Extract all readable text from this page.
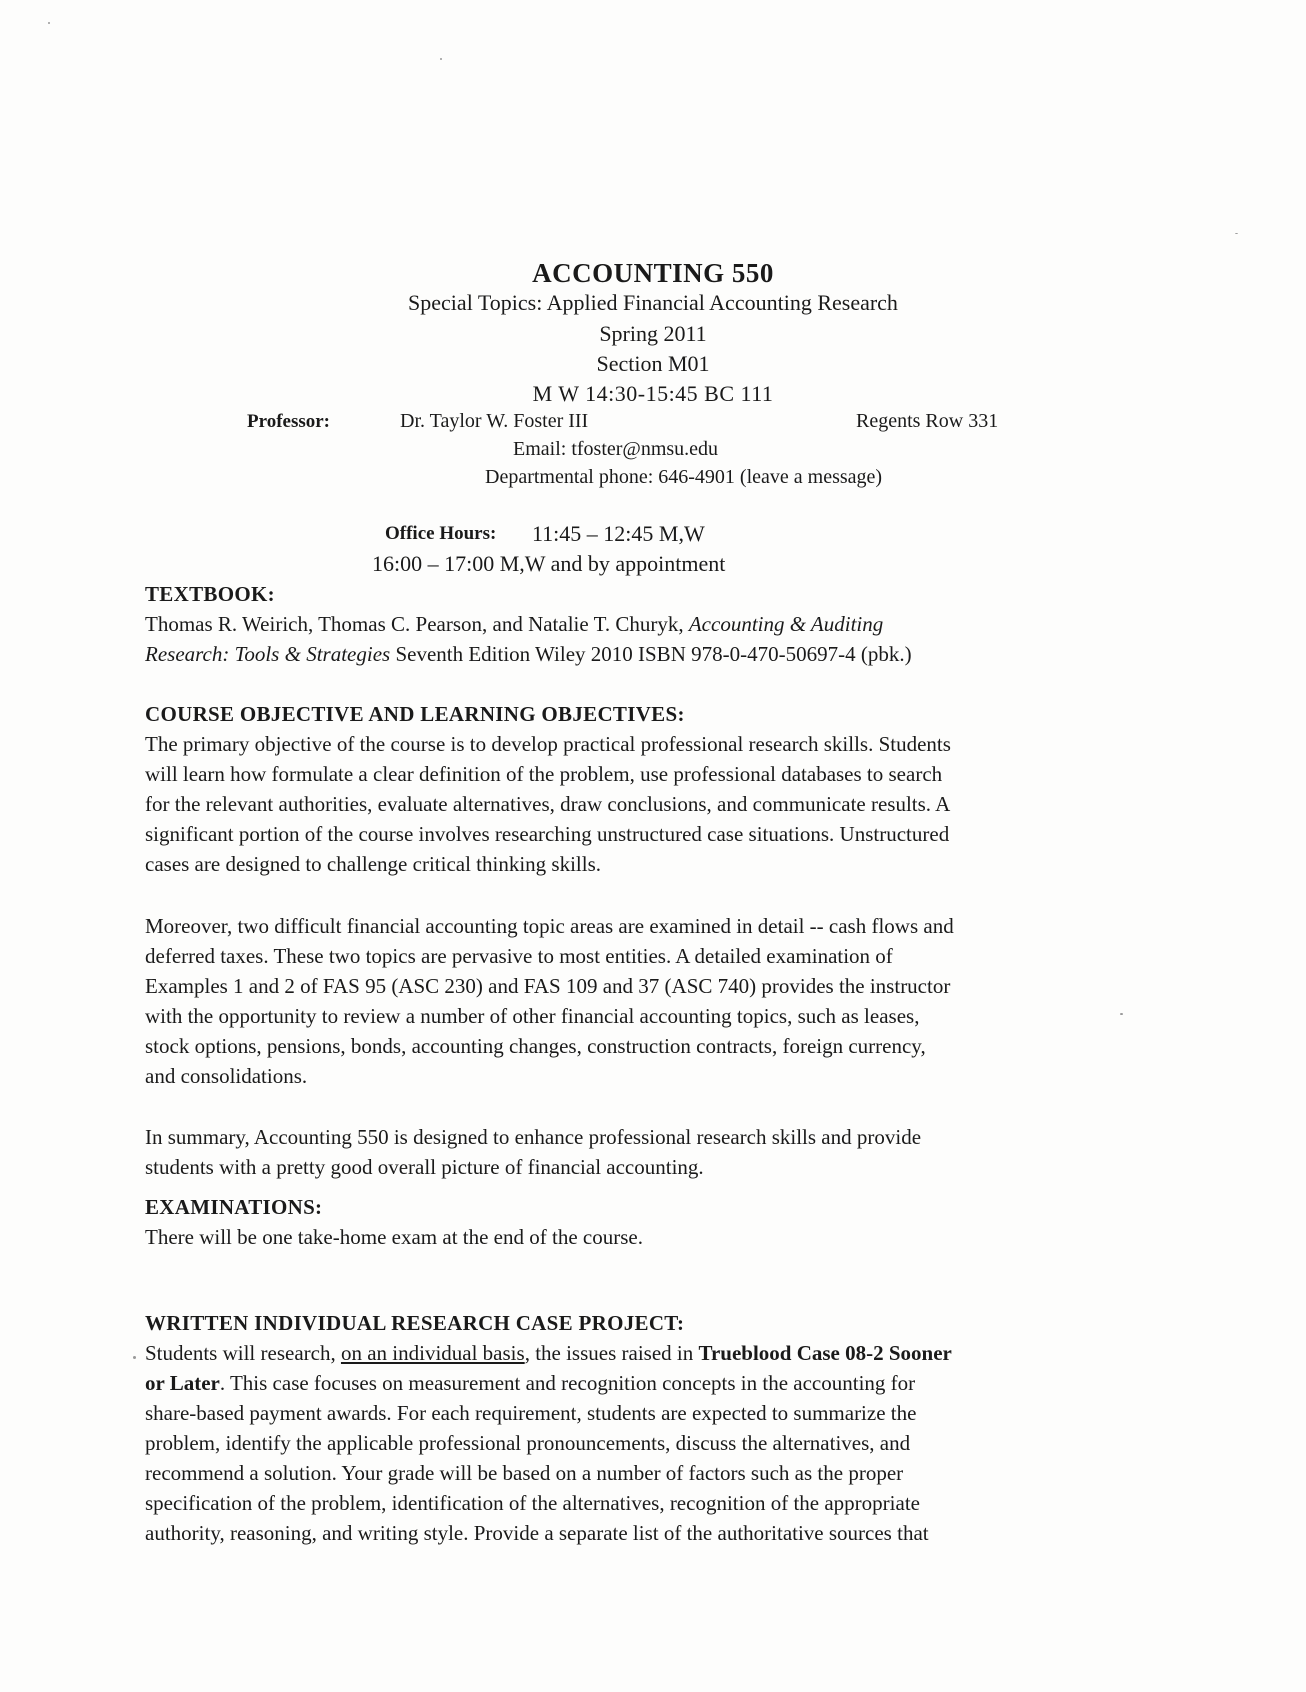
ACCOUNTING 550
Special Topics: Applied Financial Accounting Research
Spring 2011
Section M01
M W 14:30-15:45 BC 111
Professor:	Dr. Taylor W. Foster III	Regents Row 331
Email: tfoster@nmsu.edu
Departmental phone: 646-4901 (leave a message)
Office Hours: 11:45 – 12:45 M,W
16:00 – 17:00 M,W and by appointment
TEXTBOOK:
Thomas R. Weirich, Thomas C. Pearson, and Natalie T. Churyk, Accounting & Auditing
Research: Tools & Strategies Seventh Edition Wiley 2010 ISBN 978-0-470-50697-4 (pbk.)
COURSE OBJECTIVE AND LEARNING OBJECTIVES:
The primary objective of the course is to develop practical professional research skills. Students
will learn how formulate a clear definition of the problem, use professional databases to search
for the relevant authorities, evaluate alternatives, draw conclusions, and communicate results. A
significant portion of the course involves researching unstructured case situations. Unstructured
cases are designed to challenge critical thinking skills.
Moreover, two difficult financial accounting topic areas are examined in detail -- cash flows and
deferred taxes. These two topics are pervasive to most entities. A detailed examination of
Examples 1 and 2 of FAS 95 (ASC 230) and FAS 109 and 37 (ASC 740) provides the instructor
with the opportunity to review a number of other financial accounting topics, such as leases,
stock options, pensions, bonds, accounting changes, construction contracts, foreign currency,
and consolidations.
In summary, Accounting 550 is designed to enhance professional research skills and provide
students with a pretty good overall picture of financial accounting.
EXAMINATIONS:
There will be one take-home exam at the end of the course.
WRITTEN INDIVIDUAL RESEARCH CASE PROJECT:
Students will research, on an individual basis, the issues raised in Trueblood Case 08-2 Sooner
or Later. This case focuses on measurement and recognition concepts in the accounting for
share-based payment awards. For each requirement, students are expected to summarize the
problem, identify the applicable professional pronouncements, discuss the alternatives, and
recommend a solution. Your grade will be based on a number of factors such as the proper
specification of the problem, identification of the alternatives, recognition of the appropriate
authority, reasoning, and writing style. Provide a separate list of the authoritative sources that
